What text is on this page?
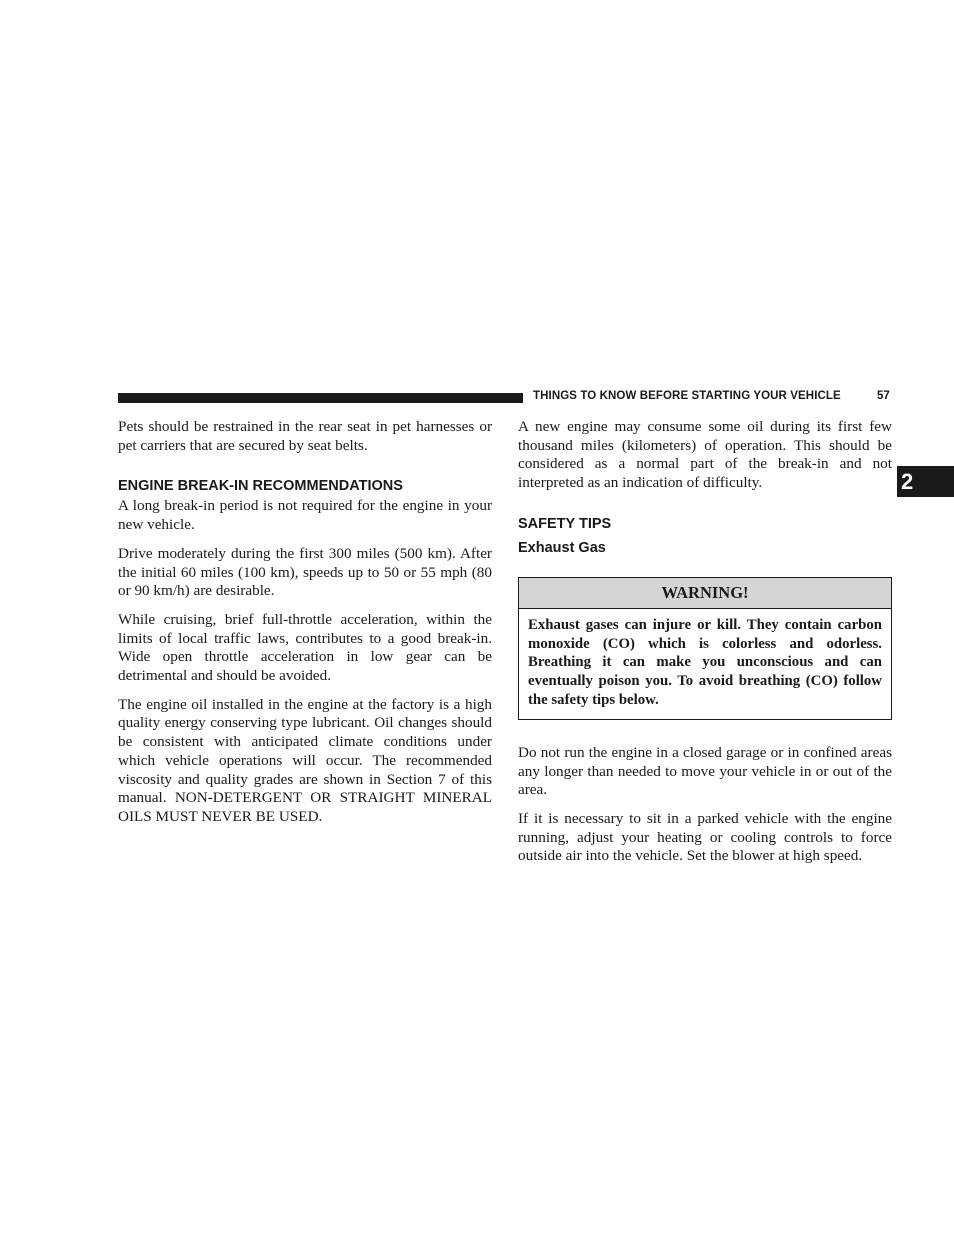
THINGS TO KNOW BEFORE STARTING YOUR VEHICLE	57
2

Pets should be restrained in the rear seat in pet harnesses or pet carriers that are secured by seat belts.

ENGINE BREAK-IN RECOMMENDATIONS

A long break-in period is not required for the engine in your new vehicle.

Drive moderately during the first 300 miles (500 km). After the initial 60 miles (100 km), speeds up to 50 or 55 mph (80 or 90 km/h) are desirable.

While cruising, brief full-throttle acceleration, within the limits of local traffic laws, contributes to a good break-in. Wide open throttle acceleration in low gear can be detrimental and should be avoided.

The engine oil installed in the engine at the factory is a high quality energy conserving type lubricant. Oil changes should be consistent with anticipated climate conditions under which vehicle operations will occur. The recommended viscosity and quality grades are shown in Section 7 of this manual. NON-DETERGENT OR STRAIGHT MINERAL OILS MUST NEVER BE USED.

A new engine may consume some oil during its first few thousand miles (kilometers) of operation. This should be considered as a normal part of the break-in and not interpreted as an indication of difficulty.

SAFETY TIPS
Exhaust Gas
WARNING!
Exhaust gases can injure or kill. They contain carbon monoxide (CO) which is colorless and odorless. Breathing it can make you unconscious and can eventually poison you. To avoid breathing (CO) follow the safety tips below.

Do not run the engine in a closed garage or in confined areas any longer than needed to move your vehicle in or out of the area.

If it is necessary to sit in a parked vehicle with the engine running, adjust your heating or cooling controls to force outside air into the vehicle. Set the blower at high speed.
